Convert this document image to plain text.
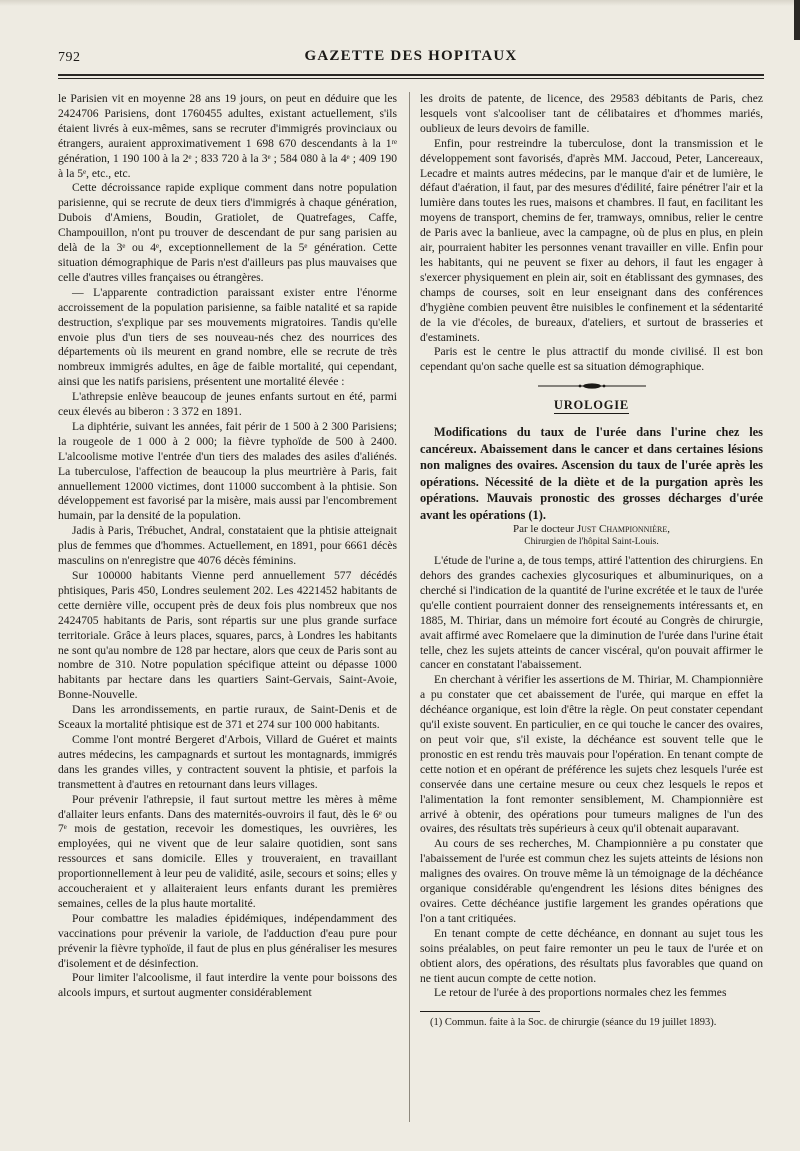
792	GAZETTE DES HOPITAUX

le Parisien vit en moyenne 28 ans 19 jours, on peut en déduire que les 2424706 Parisiens, dont 1760455 adultes, existant actuellement, s'ils étaient livrés à eux-mêmes, sans se recruter d'immigrés provinciaux ou étrangers, auraient approximativement 1 698 670 descendants à la 1ʳᵉ génération, 1 190 100 à la 2ᵉ ; 833 720 à la 3ᵉ ; 584 080 à la 4ᵉ ; 409 190 à la 5ᵉ, etc., etc.

Cette décroissance rapide explique comment dans notre population parisienne, qui se recrute de deux tiers d'immigrés à chaque génération, Dubois d'Amiens, Boudin, Gratiolet, de Quatrefages, Caffe, Champouillon, n'ont pu trouver de descendant de pur sang parisien au delà de la 3ᵉ ou 4ᵉ, exceptionnellement de la 5ᵉ génération. Cette situation démographique de Paris n'est d'ailleurs pas plus mauvaises que celle d'autres villes françaises ou étrangères.

— L'apparente contradiction paraissant exister entre l'énorme accroissement de la population parisienne, sa faible natalité et sa rapide destruction, s'explique par ses mouvements migratoires. Tandis qu'elle envoie plus d'un tiers de ses nouveau-nés chez des nourrices des départements où ils meurent en grand nombre, elle se recrute de très nombreux immigrés adultes, en âge de faible mortalité, qui cependant, ainsi que les natifs parisiens, présentent une mortalité élevée :

L'athrepsie enlève beaucoup de jeunes enfants surtout en été, parmi ceux élevés au biberon : 3 372 en 1891.

La diphtérie, suivant les années, fait périr de 1 500 à 2 300 Parisiens; la rougeole de 1 000 à 2 000; la fièvre typhoïde de 500 à 2400. L'alcoolisme motive l'entrée d'un tiers des malades des asiles d'aliénés. La tuberculose, l'affection de beaucoup la plus meurtrière à Paris, fait annuellement 12000 victimes, dont 11000 succombent à la phtisie. Son développement est favorisé par la misère, mais aussi par l'encombrement humain, par la densité de la population.

Jadis à Paris, Trébuchet, Andral, constataient que la phtisie atteignait plus de femmes que d'hommes. Actuellement, en 1891, pour 6661 décès masculins on n'enregistre que 4076 décès féminins.

Sur 100000 habitants Vienne perd annuellement 577 décédés phtisiques, Paris 450, Londres seulement 202. Les 4221452 habitants de cette dernière ville, occupent près de deux fois plus nombreux que nos 2424705 habitants de Paris, sont répartis sur une plus grande surface territoriale. Grâce à leurs places, squares, parcs, à Londres les habitants ne sont qu'au nombre de 128 par hectare, alors que ceux de Paris sont au nombre de 310. Notre population spécifique atteint ou dépasse 1000 habitants par hectare dans les quartiers Saint-Gervais, Saint-Avoie, Bonne-Nouvelle.

Dans les arrondissements, en partie ruraux, de Saint-Denis et de Sceaux la mortalité phtisique est de 371 et 274 sur 100 000 habitants.

Comme l'ont montré Bergeret d'Arbois, Villard de Guéret et maints autres médecins, les campagnards et surtout les montagnards, immigrés dans les grandes villes, y contractent souvent la phtisie, et parfois la transmettent à d'autres en retournant dans leurs villages.

Pour prévenir l'athrepsie, il faut surtout mettre les mères à même d'allaiter leurs enfants. Dans des maternités-ouvroirs il faut, dès le 6ᵉ ou 7ᵉ mois de gestation, recevoir les domestiques, les ouvrières, les employées, qui ne vivent que de leur salaire quotidien, sont sans ressources et sans domicile. Elles y trouveraient, en travaillant proportionnellement à leur peu de validité, asile, secours et soins; elles y accoucheraient et y allaiteraient leurs enfants durant les premières semaines, celles de la plus haute mortalité.

Pour combattre les maladies épidémiques, indépendamment des vaccinations pour prévenir la variole, de l'adduction d'eau pure pour prévenir la fièvre typhoïde, il faut de plus en plus généraliser les mesures d'isolement et de désinfection.

Pour limiter l'alcoolisme, il faut interdire la vente pour boissons des alcools impurs, et surtout augmenter considérablement

les droits de patente, de licence, des 29583 débitants de Paris, chez lesquels vont s'alcooliser tant de célibataires et d'hommes mariés, oublieux de leurs devoirs de famille.

Enfin, pour restreindre la tuberculose, dont la transmission et le développement sont favorisés, d'après MM. Jaccoud, Peter, Lancereaux, Lecadre et maints autres médecins, par le manque d'air et de lumière, le défaut d'aération, il faut, par des mesures d'édilité, faire pénétrer l'air et la lumière dans toutes les rues, maisons et chambres. Il faut, en facilitant les moyens de transport, chemins de fer, tramways, omnibus, relier le centre de Paris avec la banlieue, avec la campagne, où de plus en plus, en plein air, pourraient habiter les personnes venant travailler en ville. Enfin pour les habitants, qui ne peuvent se fixer au dehors, il faut les engager à s'exercer physiquement en plein air, soit en établissant des gymnases, des champs de courses, soit en leur enseignant dans des conférences d'hygiène combien peuvent être nuisibles le confinement et la sédentarité de la vie d'écoles, de bureaux, d'ateliers, et surtout de brasseries et d'estaminets.

Paris est le centre le plus attractif du monde civilisé. Il est bon cependant qu'on sache quelle est sa situation démographique.

UROLOGIE

Modifications du taux de l'urée dans l'urine chez les cancéreux. Abaissement dans le cancer et dans certaines lésions non malignes des ovaires. Ascension du taux de l'urée après les opérations. Nécessité de la diète et de la purgation après les opérations. Mauvais pronostic des grosses décharges d'urée avant les opérations (1).

Par le docteur Just Championnière,
Chirurgien de l'hôpital Saint-Louis.

L'étude de l'urine a, de tous temps, attiré l'attention des chirurgiens. En dehors des grandes cachexies glycosuriques et albuminuriques, on a cherché si l'indication de la quantité de l'urine excrétée et le taux de l'urée qu'elle contient pourraient donner des renseignements intéressants et, en 1885, M. Thiriar, dans un mémoire fort écouté au Congrès de chirurgie, avait affirmé avec Romelaere que la diminution de l'urée dans l'urine était telle, chez les sujets atteints de cancer viscéral, qu'on pouvait affirmer le cancer en constatant l'abaissement.

En cherchant à vérifier les assertions de M. Thiriar, M. Championnière a pu constater que cet abaissement de l'urée, qui marque en effet la déchéance organique, est loin d'être la règle. On peut constater cependant qu'il existe souvent. En particulier, en ce qui touche le cancer des ovaires, on peut voir que, s'il existe, la déchéance est souvent telle que le pronostic en est rendu très mauvais pour l'opération. En tenant compte de cette notion et en opérant de préférence les sujets chez lesquels l'urée est conservée dans une certaine mesure ou ceux chez lesquels le repos et l'alimentation la font remonter sensiblement, M. Championnière est arrivé à obtenir, des opérations pour tumeurs malignes de l'un des ovaires, des résultats très supérieurs à ceux qu'il obtenait auparavant.

Au cours de ses recherches, M. Championnière a pu constater que l'abaissement de l'urée est commun chez les sujets atteints de lésions non malignes des ovaires. On trouve même là un témoignage de la déchéance organique considérable qu'engendrent les lésions dites bénignes des ovaires. Cette déchéance justifie largement les grandes opérations que l'on a tant critiquées.

En tenant compte de cette déchéance, en donnant au sujet tous les soins préalables, on peut faire remonter un peu le taux de l'urée et on obtient alors, des opérations, des résultats plus favorables que quand on ne tient aucun compte de cette notion.

Le retour de l'urée à des proportions normales chez les femmes

(1) Commun. faite à la Soc. de chirurgie (séance du 19 juillet 1893).
